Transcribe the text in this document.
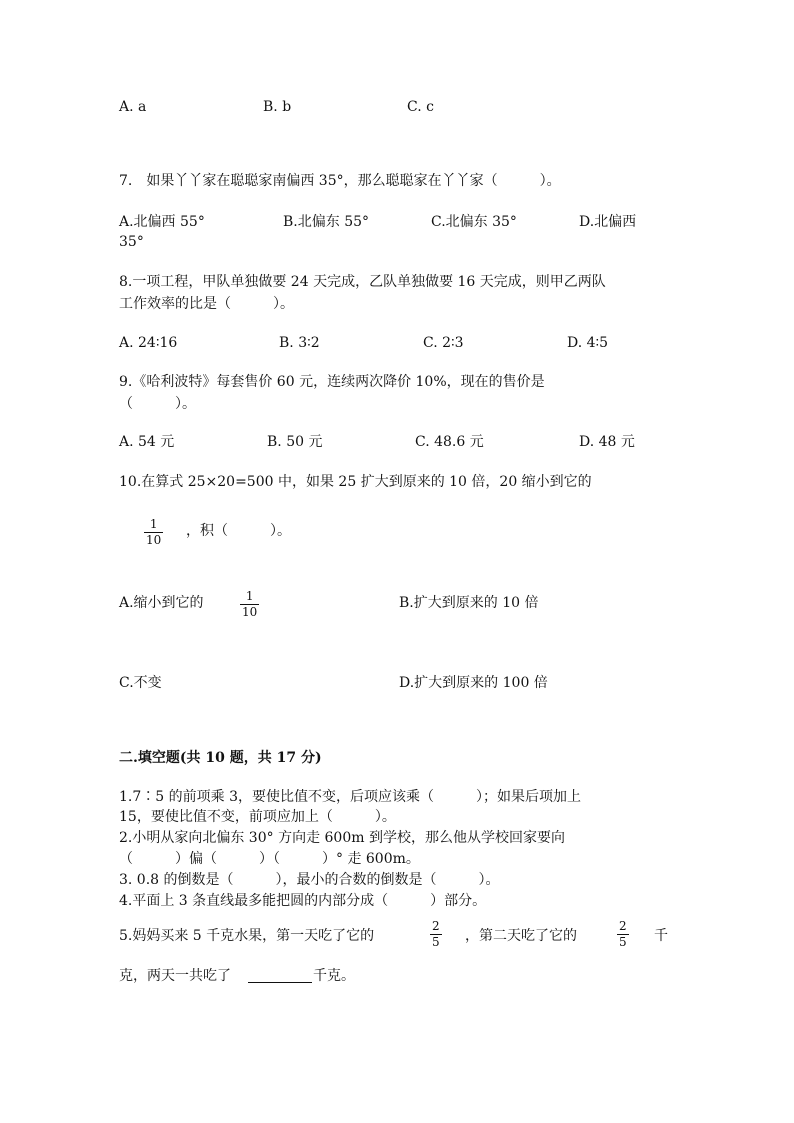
A. a	B. b	C. c
7.　如果丫丫家在聪聪家南偏西 35°，那么聪聪家在丫丫家（　　　）。
A.北偏西 55°	B.北偏东 55°	C.北偏东 35°	D.北偏西
35°
8.一项工程，甲队单独做要 24 天完成，乙队单独做要 16 天完成，则甲乙两队
工作效率的比是（　　　）。
A. 24∶16	B. 3∶2	C. 2∶3	D. 4∶5
9.《哈利波特》每套售价 60 元，连续两次降价 10%，现在的售价是
（　　　）。
A. 54 元	B. 50 元	C. 48.6 元	D. 48 元
10.在算式 25×20=500 中，如果 25 扩大到原来的 10 倍，20 缩小到它的
1
10
，积（　　　）。
A.缩小到它的	1
10
B.扩大到原来的 10 倍
C.不变	D.扩大到原来的 100 倍
二.填空题(共 10 题，共 17 分)
1.7∶5 的前项乘 3，要使比值不变，后项应该乘（　　　）；如果后项加上
15，要使比值不变，前项应加上（　　　）。
2.小明从家向北偏东 30° 方向走 600m 到学校，那么他从学校回家要向
（　　　）偏（　　　）（　　　）° 走 600m。
3. 0.8 的倒数是（　　　），最小的合数的倒数是（　　　）。
4.平面上 3 条直线最多能把圆的内部分成（　　　）部分。
5.妈妈买来 5 千克水果，第一天吃了它的
2
5 ，第二天吃了它的
2
5 千
克，两天一共吃了	千克。
